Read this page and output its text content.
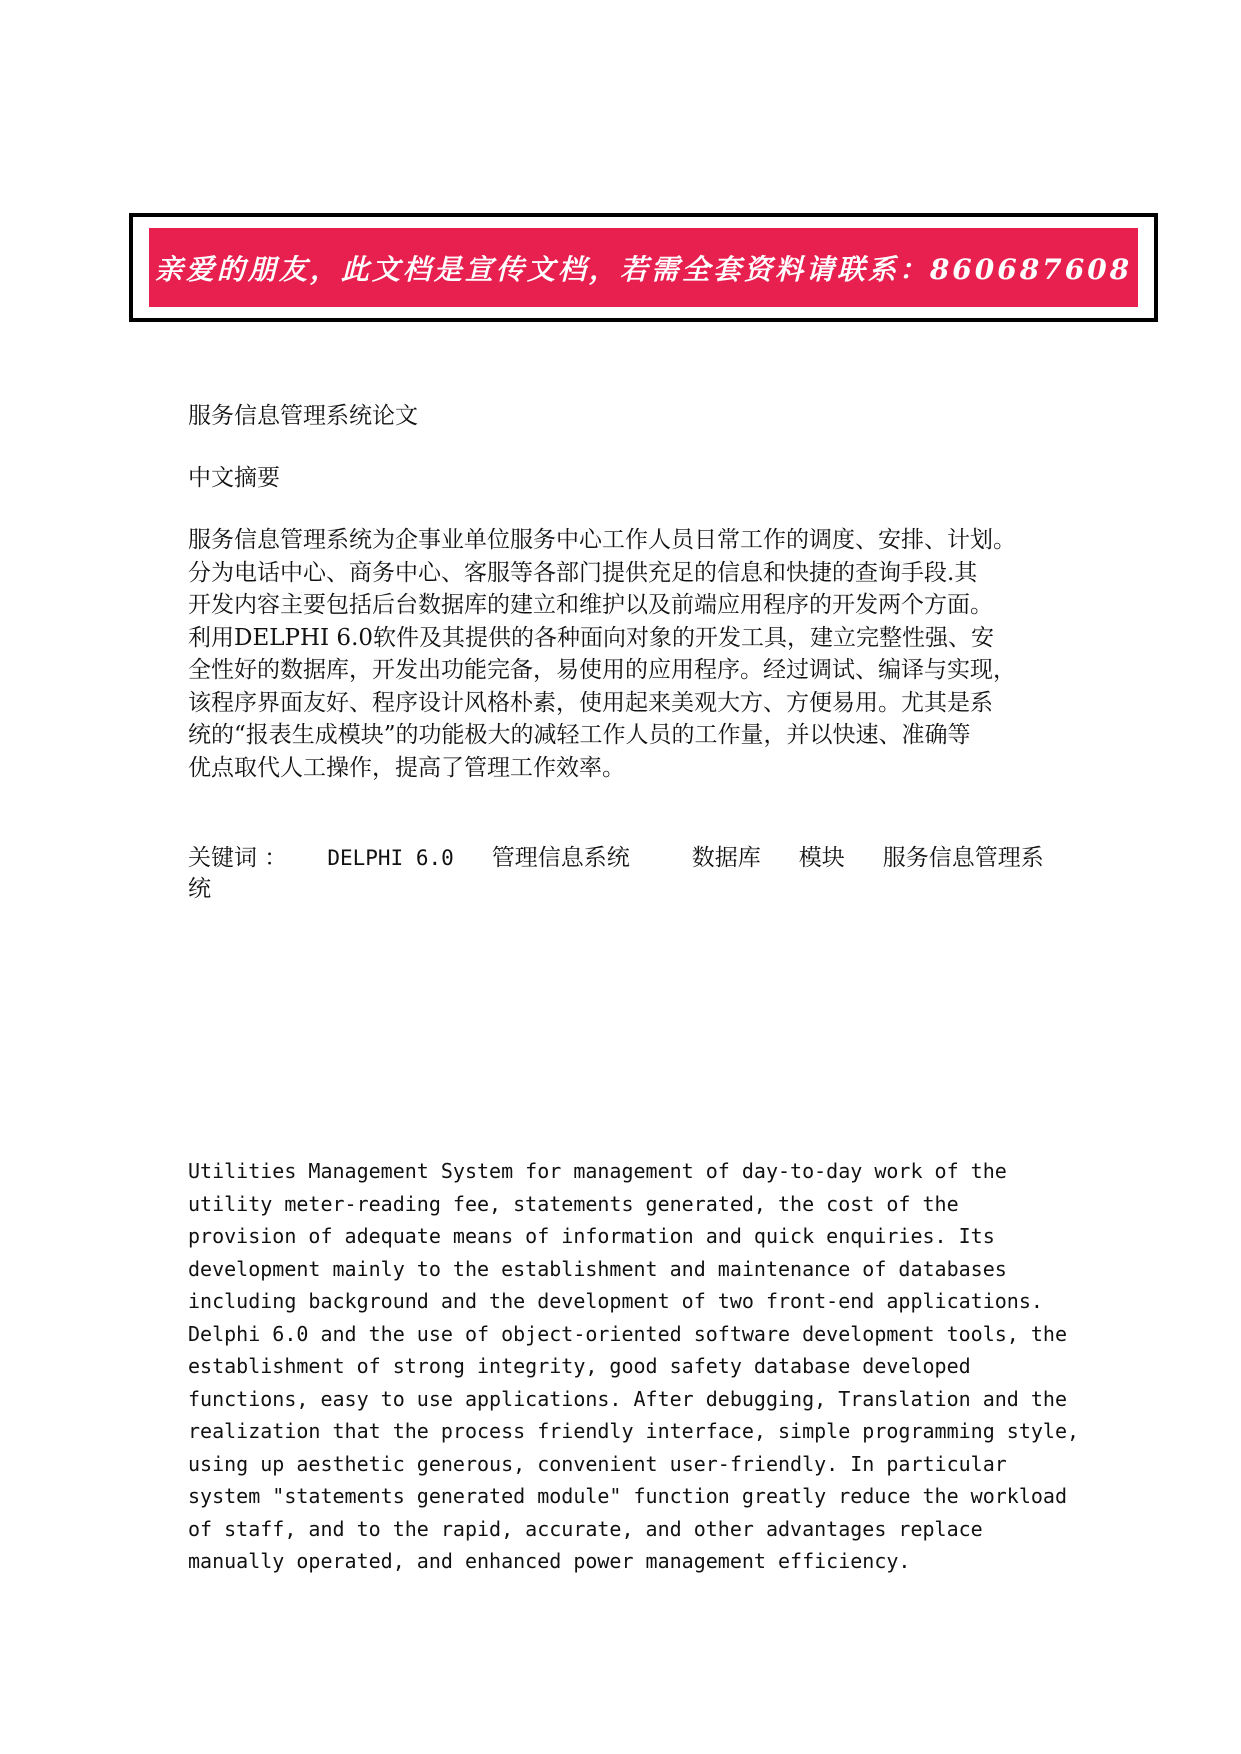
亲爱的朋友，此文档是宣传文档，若需全套资料请联系：860687608
服务信息管理系统论文
中文摘要
服务信息管理系统为企事业单位服务中心工作人员日常工作的调度、安排、计划。
分为电话中心、商务中心、客服等各部门提供充足的信息和快捷的查询手段.其
开发内容主要包括后台数据库的建立和维护以及前端应用程序的开发两个方面。
利用DELPHI 6.0软件及其提供的各种面向对象的开发工具，建立完整性强、安
全性好的数据库，开发出功能完备，易使用的应用程序。经过调试、编译与实现，
该程序界面友好、程序设计风格朴素，使用起来美观大方、方便易用。尤其是系
统的“报表生成模块”的功能极大的减轻工作人员的工作量，并以快速、准确等
优点取代人工操作，提高了管理工作效率。
关键词 ： DELPHI 6.0 管理信息系统	数据库 模块 服务信息管理系
统
Utilities Management System for management of day-to-day work of the
utility meter-reading fee, statements generated, the cost of the
provision of adequate means of information and quick enquiries. Its
development mainly to the establishment and maintenance of databases
including background and the development of two front-end applications.
Delphi 6.0 and the use of object-oriented software development tools, the
establishment of strong integrity, good safety database developed
functions, easy to use applications. After debugging, Translation and the
realization that the process friendly interface, simple programming style,
using up aesthetic generous, convenient user-friendly. In particular
system "statements generated module" function greatly reduce the workload
of staff, and to the rapid, accurate, and other advantages replace
manually operated, and enhanced power management efficiency.
